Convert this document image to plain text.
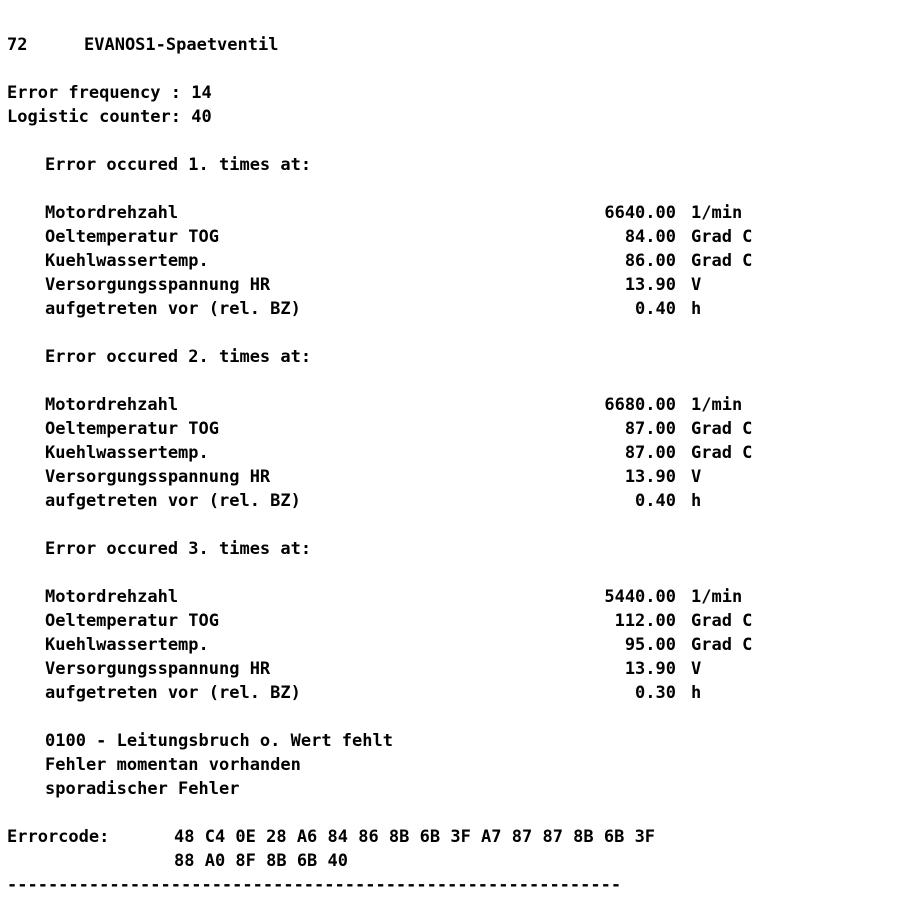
72	EVANOS1-Spaetventil
Error frequency : 14
Logistic counter: 40
Error occured 1. times at:
Motordrehzahl	6640.00 1/min
Oeltemperatur TOG	84.00 Grad C
Kuehlwassertemp.	86.00 Grad C
Versorgungsspannung HR	13.90 V
aufgetreten vor (rel. BZ)	0.40 h
Error occured 2. times at:
Motordrehzahl	6680.00 1/min
Oeltemperatur TOG	87.00 Grad C
Kuehlwassertemp.	87.00 Grad C
Versorgungsspannung HR	13.90 V
aufgetreten vor (rel. BZ)	0.40 h
Error occured 3. times at:
Motordrehzahl	5440.00 1/min
Oeltemperatur TOG	112.00 Grad C
Kuehlwassertemp.	95.00 Grad C
Versorgungsspannung HR	13.90 V
aufgetreten vor (rel. BZ)	0.30 h
0100 - Leitungsbruch o. Wert fehlt
Fehler momentan vorhanden
sporadischer Fehler
Errorcode:	48 C4 0E 28 A6 84 86 8B 6B 3F A7 87 87 8B 6B 3F
88 A0 8F 8B 6B 40
------------------------------------------------------------
